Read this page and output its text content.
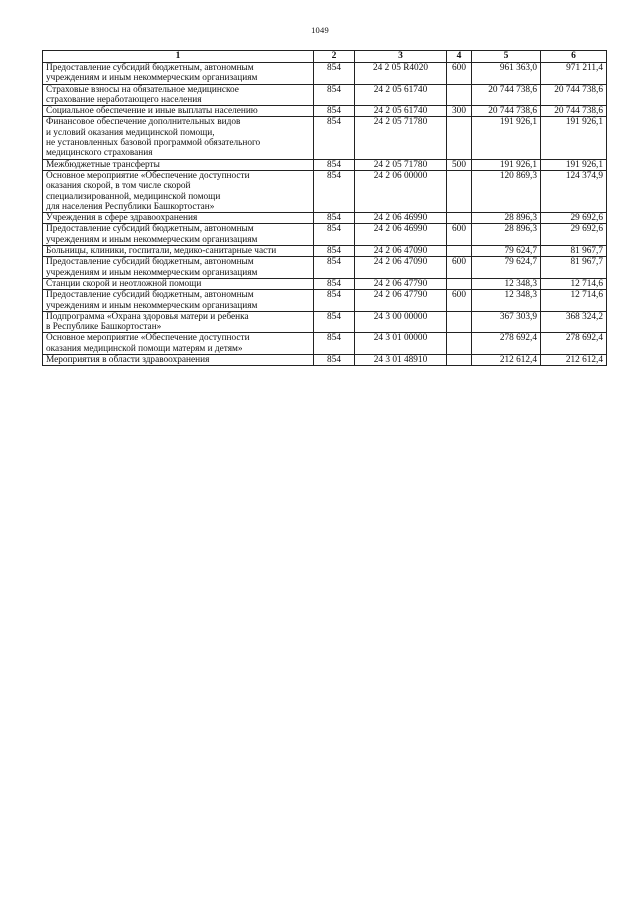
1049
1	2	3	4	5	6
Предоставление субсидий бюджетным, автономным
учреждениям и иным некоммерческим организациям	854	24 2 05 R4020	600	961 363,0	971 211,4
Страховые взносы на обязательное медицинское
страхование неработающего населения	854	24 2 05 61740		20 744 738,6	20 744 738,6
Социальное обеспечение и иные выплаты населению	854	24 2 05 61740	300	20 744 738,6	20 744 738,6
Финансовое обеспечение дополнительных видов
и условий оказания медицинской помощи,
не установленных базовой программой обязательного
медицинского страхования	854	24 2 05 71780		191 926,1	191 926,1
Межбюджетные трансферты	854	24 2 05 71780	500	191 926,1	191 926,1
Основное мероприятие «Обеспечение доступности
оказания скорой, в том числе скорой
специализированной, медицинской помощи
для населения Республики Башкортостан»	854	24 2 06 00000		120 869,3	124 374,9
Учреждения в сфере здравоохранения	854	24 2 06 46990		28 896,3	29 692,6
Предоставление субсидий бюджетным, автономным
учреждениям и иным некоммерческим организациям	854	24 2 06 46990	600	28 896,3	29 692,6
Больницы, клиники, госпитали, медико-санитарные части	854	24 2 06 47090		79 624,7	81 967,7
Предоставление субсидий бюджетным, автономным
учреждениям и иным некоммерческим организациям	854	24 2 06 47090	600	79 624,7	81 967,7
Станции скорой и неотложной помощи	854	24 2 06 47790		12 348,3	12 714,6
Предоставление субсидий бюджетным, автономным
учреждениям и иным некоммерческим организациям	854	24 2 06 47790	600	12 348,3	12 714,6
Подпрограмма «Охрана здоровья матери и ребенка
в Республике Башкортостан»	854	24 3 00 00000		367 303,9	368 324,2
Основное мероприятие «Обеспечение доступности
оказания медицинской помощи матерям и детям»	854	24 3 01 00000		278 692,4	278 692,4
Мероприятия в области здравоохранения	854	24 3 01 48910		212 612,4	212 612,4
